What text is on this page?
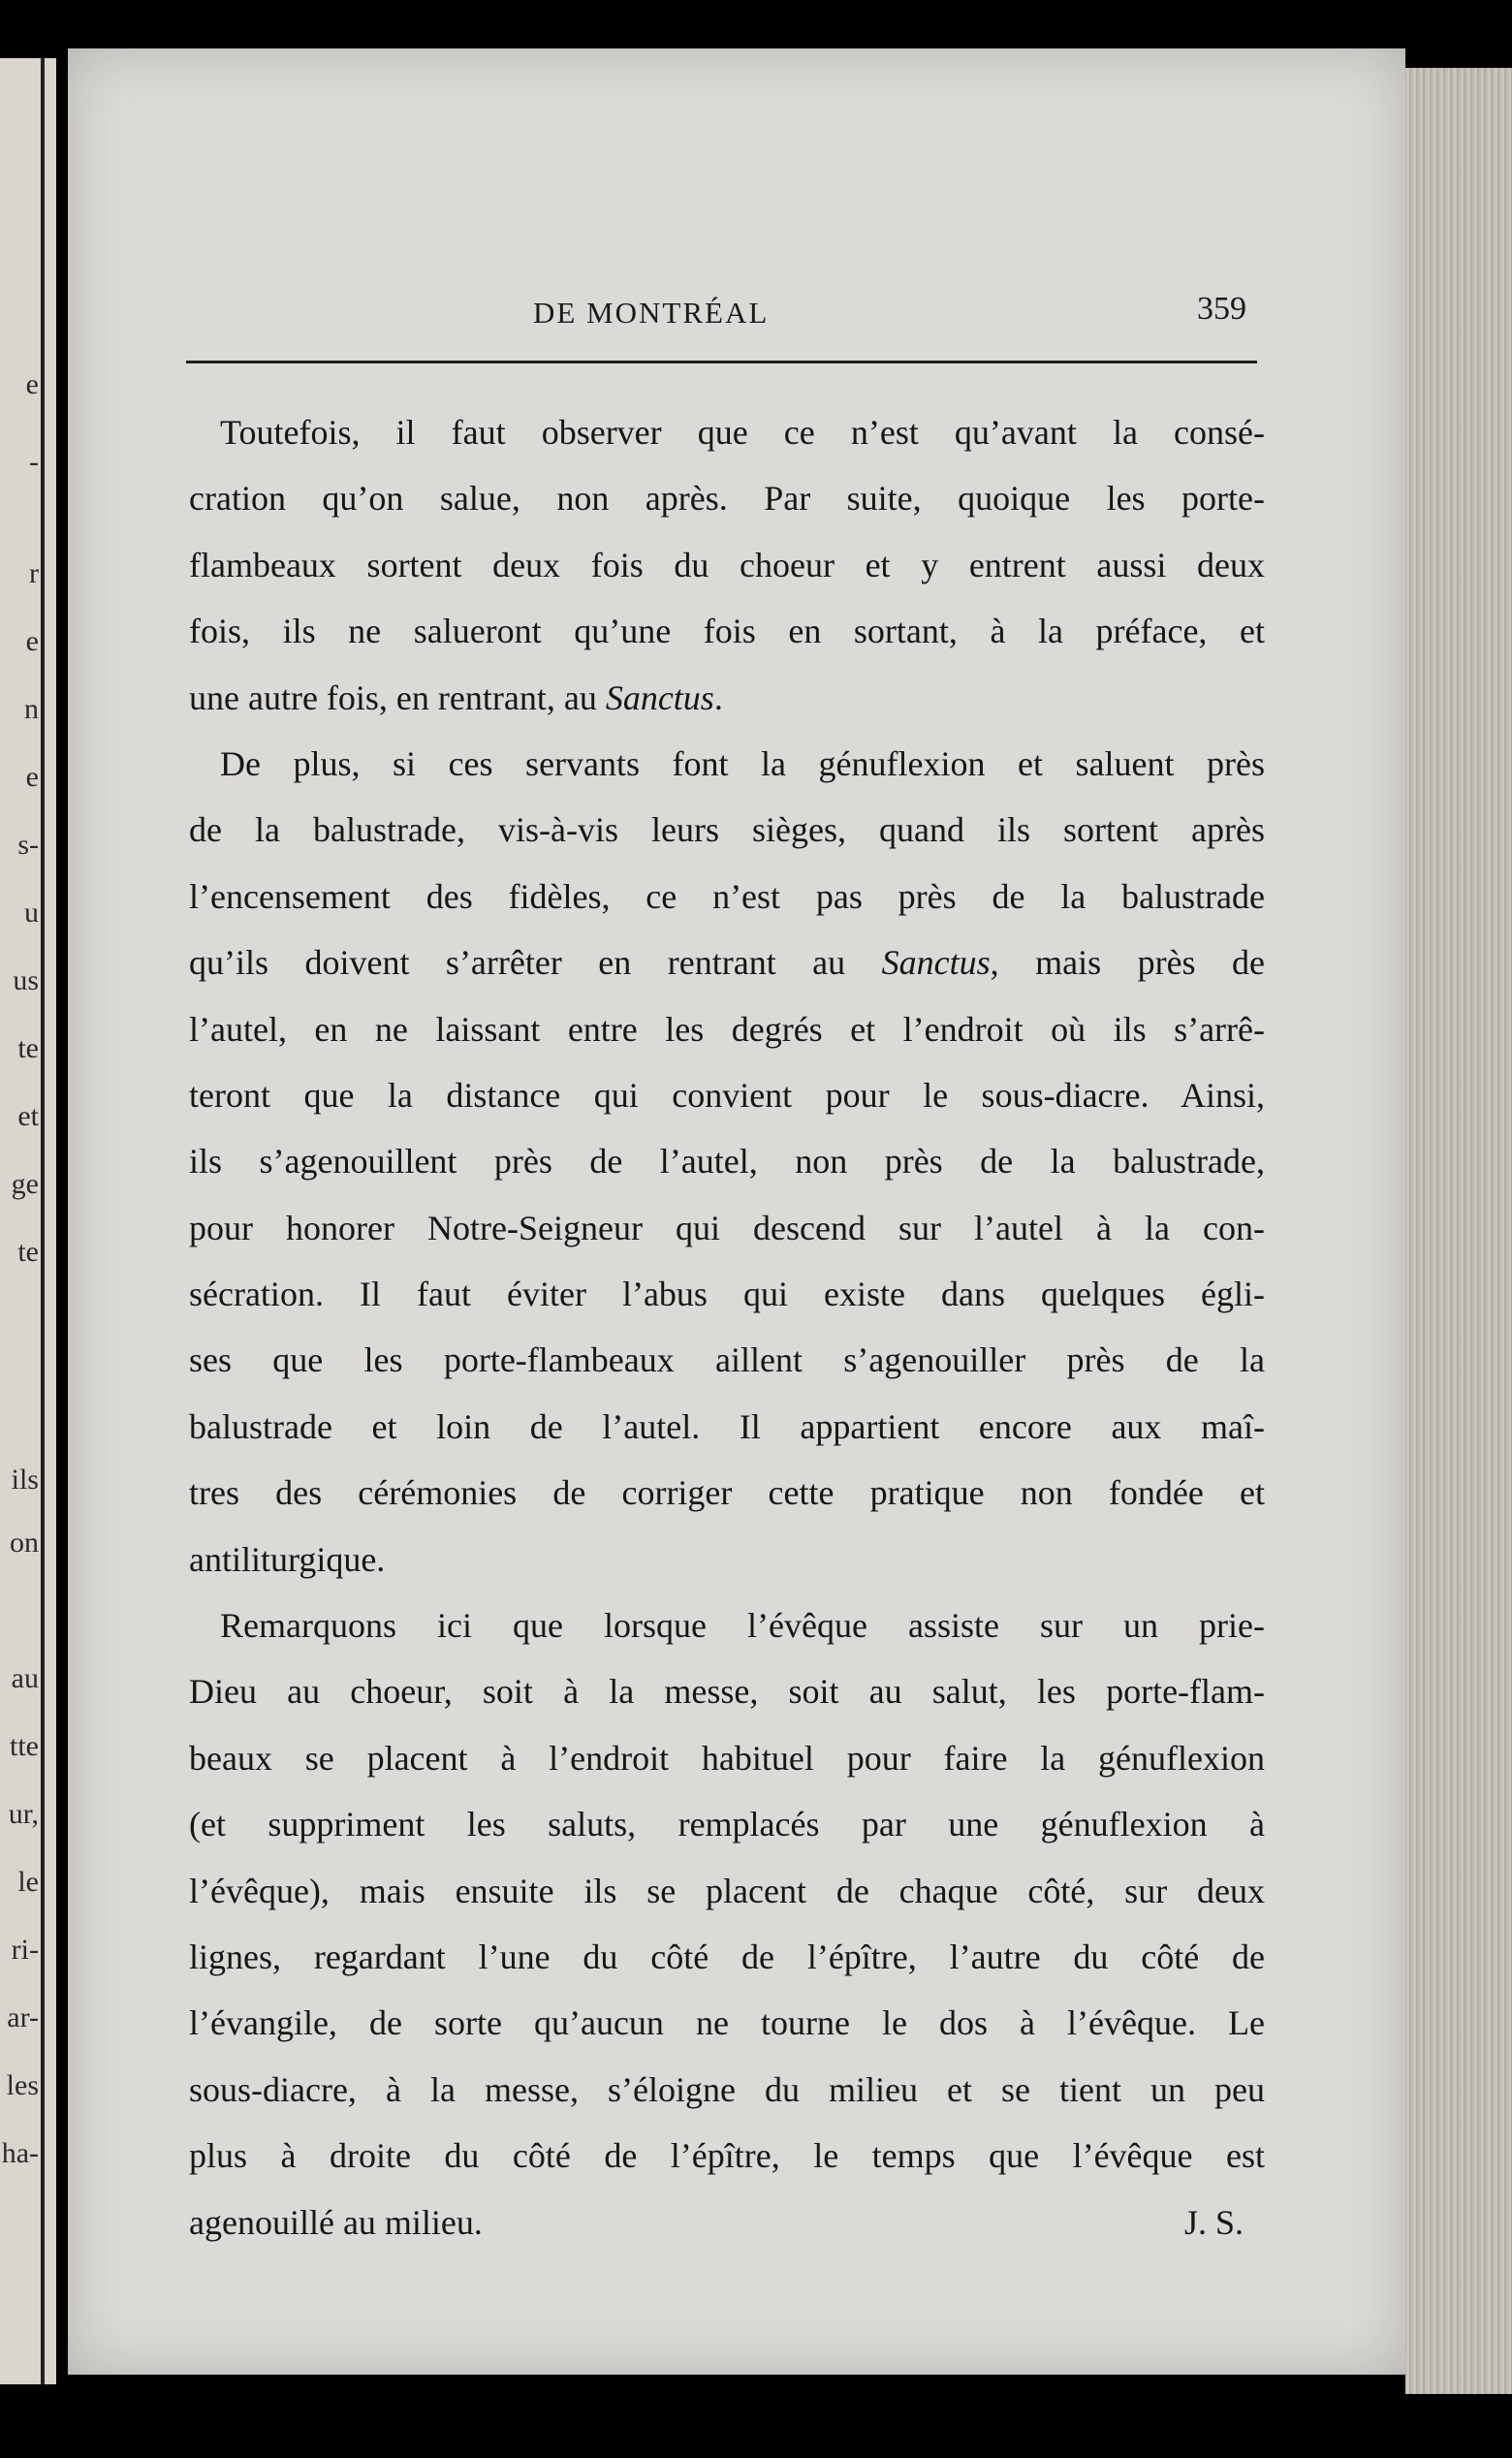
e
-
r
e
n
e
s-
u
us
te
et
ge
te
ils
on
au
tte
ur,
le
ri-
ar-
les
ha-
DE MONTRÉAL	359
Toutefois, il faut observer que ce n’est qu’avant la consé-
cration qu’on salue, non après. Par suite, quoique les porte-
flambeaux sortent deux fois du choeur et y entrent aussi deux
fois, ils ne salueront qu’une fois en sortant, à la préface, et
une autre fois, en rentrant, au Sanctus.
De plus, si ces servants font la génuflexion et saluent près
de la balustrade, vis-à-vis leurs sièges, quand ils sortent après
l’encensement des fidèles, ce n’est pas près de la balustrade
qu’ils doivent s’arrêter en rentrant au Sanctus, mais près de
l’autel, en ne laissant entre les degrés et l’endroit où ils s’arrê-
teront que la distance qui convient pour le sous-diacre. Ainsi,
ils s’agenouillent près de l’autel, non près de la balustrade,
pour honorer Notre-Seigneur qui descend sur l’autel à la con-
sécration. Il faut éviter l’abus qui existe dans quelques égli-
ses que les porte-flambeaux aillent s’agenouiller près de la
balustrade et loin de l’autel. Il appartient encore aux maî-
tres des cérémonies de corriger cette pratique non fondée et
antiliturgique.
Remarquons ici que lorsque l’évêque assiste sur un prie-
Dieu au choeur, soit à la messe, soit au salut, les porte-flam-
beaux se placent à l’endroit habituel pour faire la génuflexion
(et suppriment les saluts, remplacés par une génuflexion à
l’évêque), mais ensuite ils se placent de chaque côté, sur deux
lignes, regardant l’une du côté de l’épître, l’autre du côté de
l’évangile, de sorte qu’aucun ne tourne le dos à l’évêque. Le
sous-diacre, à la messe, s’éloigne du milieu et se tient un peu
plus à droite du côté de l’épître, le temps que l’évêque est
agenouillé au milieu.	J. S.
